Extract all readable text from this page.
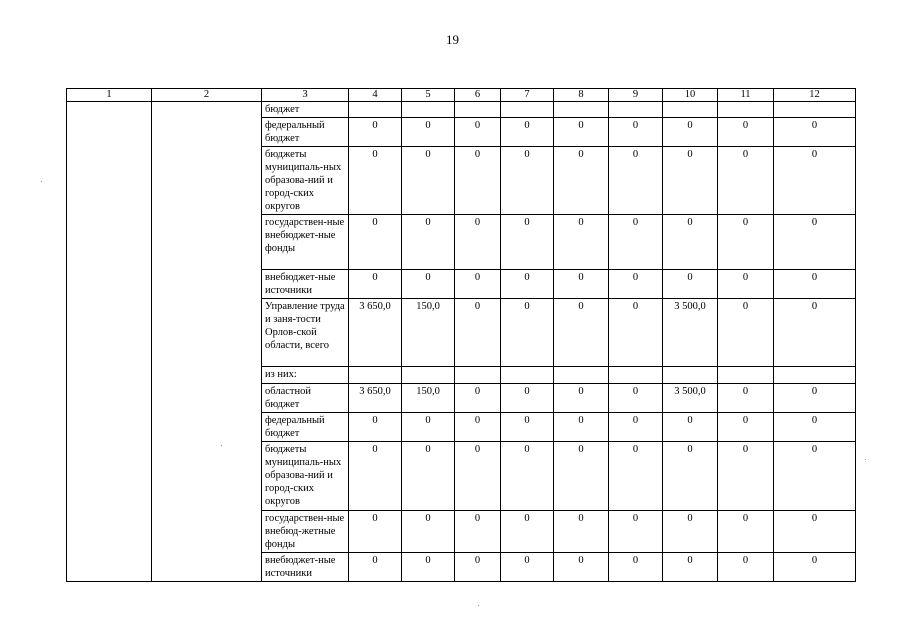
19
1	2	3	4	5	6	7	8	9	10	11	12
		бюджет									
		федеральный бюджет	0	0	0	0	0	0	0	0	0
		бюджеты муниципаль-ных образова-ний и город-ских округов	0	0	0	0	0	0	0	0	0
		государствен-ные внебюджет-ные фонды	0	0	0	0	0	0	0	0	0
		внебюджет-ные источники	0	0	0	0	0	0	0	0	0
		Управление труда и заня-тости Орлов-ской области, всего	3 650,0	150,0	0	0	0	0	3 500,0	0	0
		из них:									
		областной бюджет	3 650,0	150,0	0	0	0	0	3 500,0	0	0
		федеральный бюджет	0	0	0	0	0	0	0	0	0
		бюджеты муниципаль-ных образова-ний и город-ских округов	0	0	0	0	0	0	0	0	0
		государствен-ные внебюд-жетные фонды	0	0	0	0	0	0	0	0	0
		внебюджет-ные источники	0	0	0	0	0	0	0	0	0
